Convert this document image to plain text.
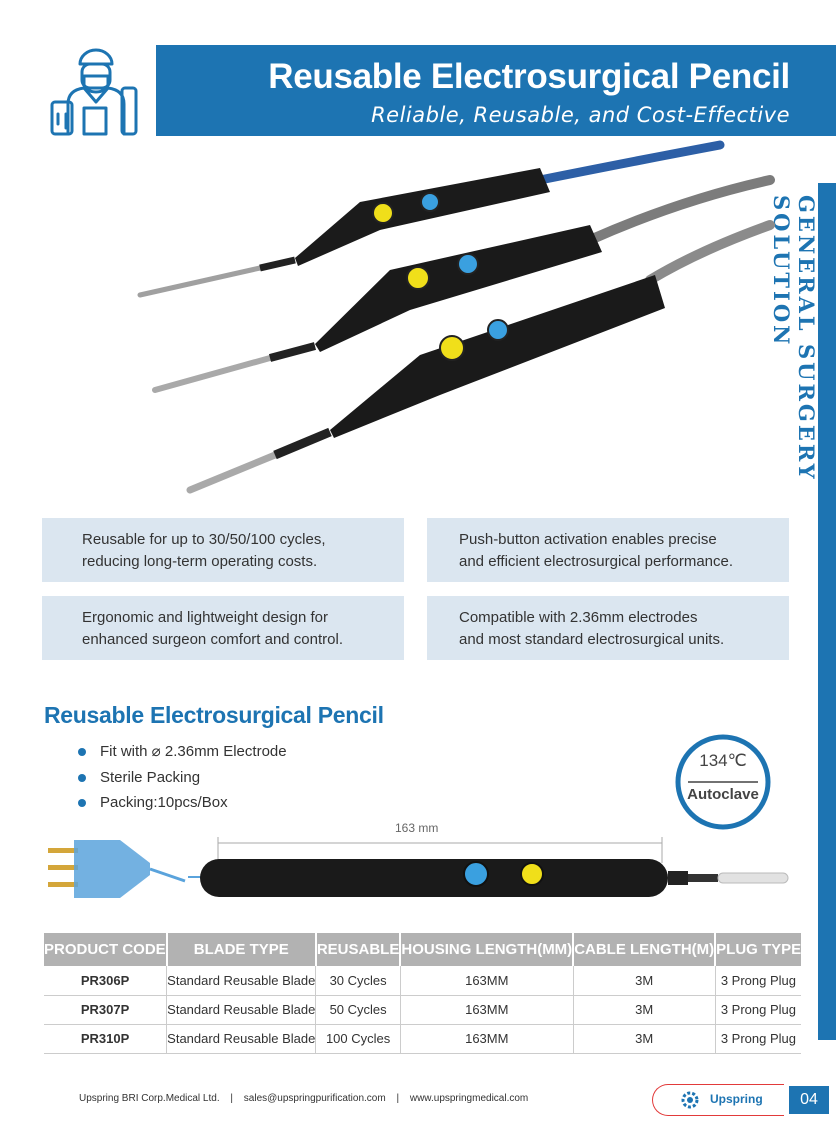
Reusable Electrosurgical Pencil
Reliable, Reusable, and Cost-Effective
GENERAL SURGERY SOLUTION
Reusable for up to 30/50/100 cycles,
reducing long-term operating costs.
Push-button activation enables precise
and efficient electrosurgical performance.
Ergonomic and lightweight design for
enhanced surgeon comfort and control.
Compatible with 2.36mm electrodes
and most standard electrosurgical units.
Reusable Electrosurgical Pencil
Fit with ⌀ 2.36mm Electrode
Sterile Packing
Packing:10pcs/Box
134℃
Autoclave
163 mm
PRODUCT CODE	BLADE TYPE	REUSABLE	HOUSING LENGTH(MM)	CABLE LENGTH(M)	PLUG TYPE
PR306P	Standard Reusable Blade	30 Cycles	163MM	3M	3 Prong Plug
PR307P	Standard Reusable Blade	50 Cycles	163MM	3M	3 Prong Plug
PR310P	Standard Reusable Blade	100 Cycles	163MM	3M	3 Prong Plug
Upspring BRI Corp.Medical Ltd. | sales@upspringpurification.com | www.upspringmedical.com	Upspring	04
